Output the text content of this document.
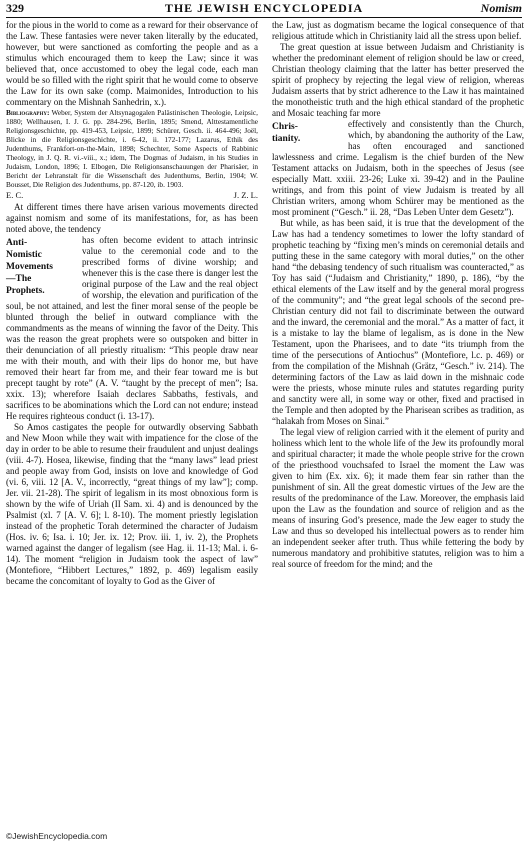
329	THE JEWISH ENCYCLOPEDIA	Nomism

for the pious in the world to come as a reward for their observance of the Law. These fantasies were never taken literally by the educated, however, but were sanctioned as comforting the people and as a stimulus which encouraged them to keep the Law; since it was believed that, once accustomed to obey the legal code, each man would be so filled with the right spirit that he would come to observe the Law for its own sake (comp. Maimonides, Introduction to his commentary on the Mishnah Sanhedrin, x.).

Bibliography: Weber, System der Altsynagogalen Palästinischen Theologie, Leipsic, 1880; Wellhausen, I. J. G. pp. 284-296, Berlin, 1895; Smend, Alttestamentliche Religionsgeschichte, pp. 419-453, Leipsic, 1899; Schürer, Gesch. ii. 464-496; Joël, Blicke in die Religionsgeschichte, i. 6-42, ii. 172-177; Lazarus, Ethik des Judenthums, Frankfort-on-the-Main, 1898; Schechter, Some Aspects of Rabbinic Theology, in J. Q. R. vi.-viii., x.; idem, The Dogmas of Judaism, in his Studies in Judaism, London, 1896; I. Elbogen, Die Religionsanschauungen der Pharisäer, in Bericht der Lehranstalt für die Wissenschaft des Judenthums, Berlin, 1904; W. Bousset, Die Religion des Judenthums, pp. 87-120, ib. 1903.

E. C.	J. Z. L.

At different times there have arisen various movements directed against nomism and some of its manifestations, for, as has been noted above, the tendency

Anti-
Nomistic
Movements
—The
Prophets.

has often become evident to attach intrinsic value to the ceremonial code and to the prescribed forms of divine worship; and whenever this is the case there is danger lest the original purpose of the Law and the real object of worship, the elevation and purification of the soul, be not attained, and lest the finer moral sense of the people be blunted through the belief in outward compliance with the commandments as the means of winning the favor of the Deity. This was the reason the great prophets were so outspoken and bitter in their denunciation of all priestly ritualism: “This people draw near me with their mouth, and with their lips do honor me, but have removed their heart far from me, and their fear toward me is but precept taught by rote” (A. V. “taught by the precept of men”; Isa. xxix. 13); wherefore Isaiah declares Sabbaths, festivals, and sacrifices to be abominations which the Lord can not endure; instead He requires righteous conduct (i. 13-17).

So Amos castigates the people for outwardly observing Sabbath and New Moon while they wait with impatience for the close of the day in order to be able to resume their fraudulent and unjust dealings (viii. 4-7). Hosea, likewise, finding that the “many laws” lead priest and people away from God, insists on love and knowledge of God (vi. 6, viii. 12 [A. V., incorrectly, “great things of my law”]; comp. Jer. vii. 21-28). The spirit of legalism in its most obnoxious form is shown by the wife of Uriah (II Sam. xi. 4) and is denounced by the Psalmist (xl. 7 [A. V. 6]; l. 8-10). The moment priestly legislation instead of the prophetic Torah determined the character of Judaism (Hos. iv. 6; Isa. i. 10; Jer. ix. 12; Prov. iii. 1, iv. 2), the Prophets warned against the danger of legalism (see Hag. ii. 11-13; Mal. i. 6-14). The moment “religion in Judaism took the aspect of law” (Montefiore, “Hibbert Lectures,” 1892, p. 469) legalism easily became the concomitant of loyalty to God as the Giver of

the Law, just as dogmatism became the logical consequence of that religious attitude which in Christianity laid all the stress upon belief.

The great question at issue between Judaism and Christianity is whether the predominant element of religion should be law or creed, Christian theology claiming that the latter has better preserved the spirit of prophecy by rejecting the legal view of religion, whereas Judaism asserts that by strict adherence to the Law it has maintained the monotheistic truth and the high ethical standard of the prophetic and Mosaic teaching far more

Chris-
tianity.

effectively and consistently than the Church, which, by abandoning the authority of the Law, has often encouraged and sanctioned lawlessness and crime. Legalism is the chief burden of the New Testament attacks on Judaism, both in the speeches of Jesus (see especially Matt. xxiii. 23-26; Luke xi. 39-42) and in the Pauline writings, and from this point of view Judaism is treated by all Christian writers, among whom Schürer may be mentioned as the most prominent (“Gesch.” ii. 28, “Das Leben Unter dem Gesetz”).

But while, as has been said, it is true that the development of the Law has had a tendency sometimes to lower the lofty standard of prophetic teaching by “fixing men’s minds on ceremonial details and putting these in the same category with moral duties,” on the other hand “the debasing tendency of such ritualism was counteracted,” as Toy has said (“Judaism and Christianity,” 1890, p. 186), “by the ethical elements of the Law itself and by the general moral progress of the community”; and “the great legal schools of the second pre-Christian century did not fail to discriminate between the outward and the inward, the ceremonial and the moral.” As a matter of fact, it is a mistake to lay the blame of legalism, as is done in the New Testament, upon the Pharisees, and to date “its triumph from the time of the persecutions of Antiochus” (Montefiore, l.c. p. 469) or from the compilation of the Mishnah (Grätz, “Gesch.” iv. 214). The determining factors of the Law as laid down in the mishnaic code were the priests, whose minute rules and statutes regarding purity and sanctity were all, in some way or other, fixed and practised in the Temple and then adopted by the Pharisean scribes as tradition, as “halakah from Moses on Sinai.”

The legal view of religion carried with it the element of purity and holiness which lent to the whole life of the Jew its profoundly moral and spiritual character; it made the whole people strive for the crown of the priesthood vouchsafed to Israel the moment the Law was given to him (Ex. xix. 6); it made them fear sin rather than the punishment of sin. All the great domestic virtues of the Jew are the results of the predominance of the Law. Moreover, the emphasis laid upon the Law as the foundation and source of religion and as the means of insuring God’s presence, made the Jew eager to study the Law and thus so developed his intellectual powers as to render him an independent seeker after truth. Thus while fettering the body by numerous mandatory and prohibitive statutes, religion was to him a real source of freedom for the mind; and the

©JewishEncyclopedia.com
